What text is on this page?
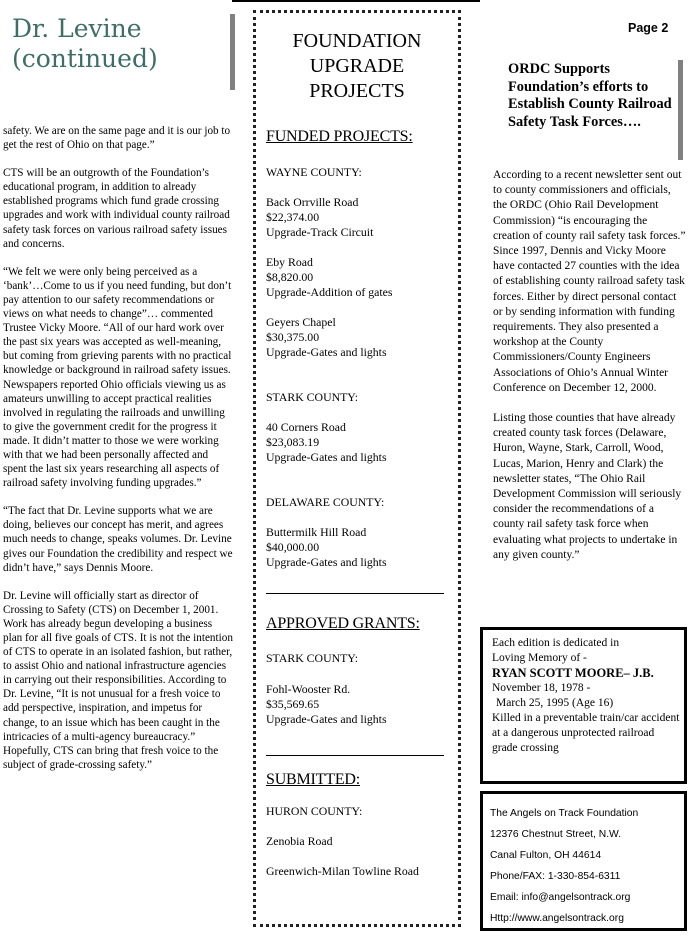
Dr. Levine
(continued)

safety. We are on the same page and it is our job to get the rest of Ohio on that page.”

CTS will be an outgrowth of the Foundation’s educational program, in addition to already established programs which fund grade crossing upgrades and work with individual county railroad safety task forces on various railroad safety issues and concerns.

“We felt we were only being perceived as a ‘bank’…Come to us if you need funding, but don’t pay attention to our safety recommendations or views on what needs to change”… commented Trustee Vicky Moore. “All of our hard work over the past six years was accepted as well-meaning, but coming from grieving parents with no practical knowledge or background in railroad safety issues. Newspapers reported Ohio officials viewing us as amateurs unwilling to accept practical realities involved in regulating the railroads and unwilling to give the government credit for the progress it made. It didn’t matter to those we were working with that we had been personally affected and spent the last six years researching all aspects of railroad safety involving funding upgrades.”

“The fact that Dr. Levine supports what we are doing, believes our concept has merit, and agrees much needs to change, speaks volumes. Dr. Levine gives our Foundation the credibility and respect we didn’t have,” says Dennis Moore.

Dr. Levine will officially start as director of Crossing to Safety (CTS) on December 1, 2001. Work has already begun developing a business plan for all five goals of CTS. It is not the intention of CTS to operate in an isolated fashion, but rather, to assist Ohio and national infrastructure agencies in carrying out their responsibilities. According to Dr. Levine, “It is not unusual for a fresh voice to add perspective, inspiration, and impetus for change, to an issue which has been caught in the intricacies of a multi-agency bureaucracy.” Hopefully, CTS can bring that fresh voice to the subject of grade-crossing safety.”

FOUNDATION
UPGRADE
PROJECTS
FUNDED PROJECTS:
WAYNE COUNTY:
Back Orrville Road
$22,374.00
Upgrade-Track Circuit
Eby Road
$8,820.00
Upgrade-Addition of gates
Geyers Chapel
$30,375.00
Upgrade-Gates and lights
STARK COUNTY:
40 Corners Road
$23,083.19
Upgrade-Gates and lights
DELAWARE COUNTY:
Buttermilk Hill Road
$40,000.00
Upgrade-Gates and lights
APPROVED GRANTS:
STARK COUNTY:
Fohl-Wooster Rd.
$35,569.65
Upgrade-Gates and lights
SUBMITTED:
HURON COUNTY:
Zenobia Road
Greenwich-Milan Towline Road
Page 2
ORDC Supports Foundation’s efforts to Establish County Railroad Safety Task Forces….

According to a recent newsletter sent out to county commissioners and officials, the ORDC (Ohio Rail Development Commission) “is encouraging the creation of county rail safety task forces.” Since 1997, Dennis and Vicky Moore have contacted 27 counties with the idea of establishing county railroad safety task forces. Either by direct personal contact or by sending information with funding requirements. They also presented a workshop at the County Commissioners/County Engineers Associations of Ohio’s Annual Winter Conference on December 12, 2000.

Listing those counties that have already created county task forces (Delaware, Huron, Wayne, Stark, Carroll, Wood, Lucas, Marion, Henry and Clark) the newsletter states, “The Ohio Rail Development Commission will seriously consider the recommendations of a county rail safety task force when evaluating what projects to undertake in any given county.”

Each edition is dedicated in
Loving Memory of -
RYAN SCOTT MOORE– J.B.
November 18, 1978 -
March 25, 1995 (Age 16)
Killed in a preventable train/car accident at a dangerous unprotected railroad grade crossing
The Angels on Track Foundation
12376 Chestnut Street, N.W.
Canal Fulton, OH 44614
Phone/FAX: 1-330-854-6311
Email: info@angelsontrack.org
Http://www.angelsontrack.org
